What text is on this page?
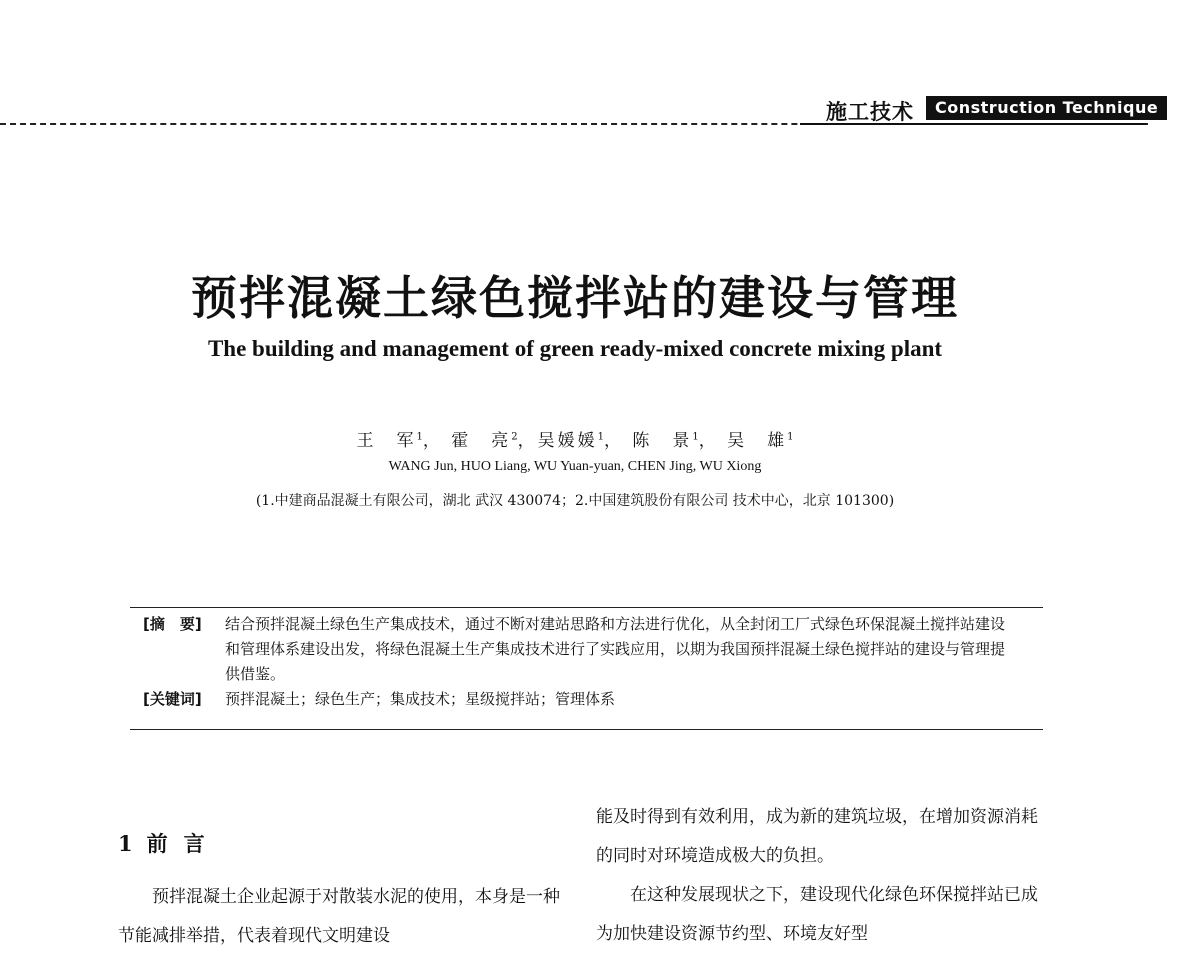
施工技术	Construction Technique
预拌混凝土绿色搅拌站的建设与管理
The building and management of green ready-mixed concrete mixing plant
王　军$^1$， 霍　亮$^2$，吴媛媛$^1$， 陈　景$^1$， 吴　雄$^1$
WANG Jun, HUO Liang, WU Yuan-yuan, CHEN Jing, WU Xiong
(1.中建商品混凝土有限公司，湖北 武汉 430074；2.中国建筑股份有限公司 技术中心，北京 101300)
[摘　要]	结合预拌混凝土绿色生产集成技术，通过不断对建站思路和方法进行优化，从全封闭工厂式绿色环保混凝土搅拌站建设和管理体系建设出发，将绿色混凝土生产集成技术进行了实践应用，以期为我国预拌混凝土绿色搅拌站的建设与管理提供借鉴。
[关键词]	预拌混凝土；绿色生产；集成技术；星级搅拌站；管理体系
1 前言
预拌混凝土企业起源于对散装水泥的使用，本身是一种节能减排举措，代表着现代文明建设
能及时得到有效利用，成为新的建筑垃圾，在增加资源消耗的同时对环境造成极大的负担。
在这种发展现状之下，建设现代化绿色环保搅拌站已成为加快建设资源节约型、环境友好型
